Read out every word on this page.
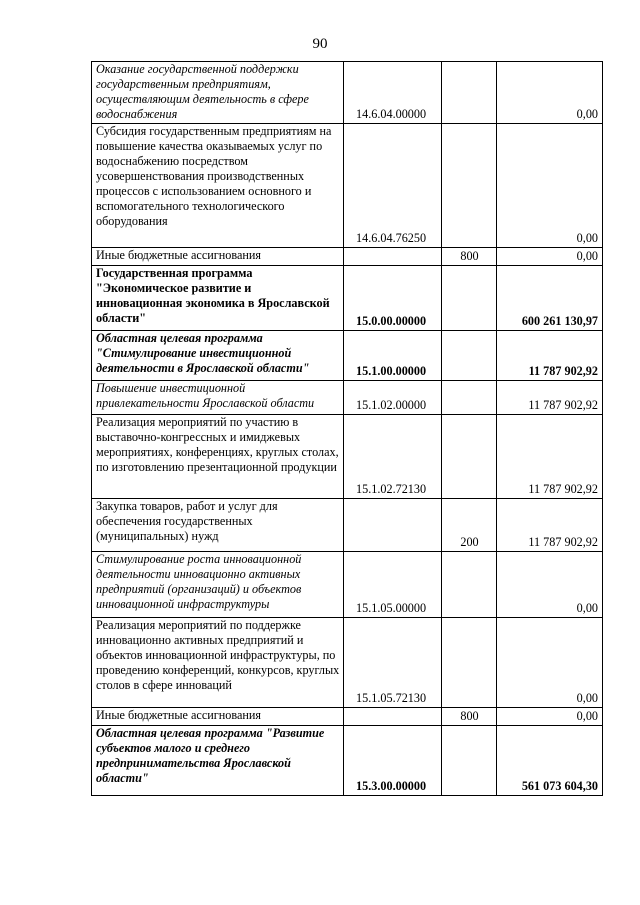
90
Оказание государственной поддержки государственным предприятиям, осуществляющим деятельность в сфере водоснабжения	14.6.04.00000		0,00
Субсидия государственным предприятиям на повышение качества оказываемых услуг по водоснабжению посредством усовершенствования производственных процессов с использованием основного и вспомогательного технологического оборудования	14.6.04.76250		0,00
Иные бюджетные ассигнования		800	0,00
Государственная программа "Экономическое развитие и инновационная экономика в Ярославской области"	15.0.00.00000		600 261 130,97
Областная целевая программа "Стимулирование инвестиционной деятельности в Ярославской области"	15.1.00.00000		11 787 902,92
Повышение инвестиционной привлекательности Ярославской области	15.1.02.00000		11 787 902,92
Реализация мероприятий по участию в выставочно-конгрессных и имиджевых мероприятиях, конференциях, круглых столах, по изготовлению презентационной продукции	15.1.02.72130		11 787 902,92
Закупка товаров, работ и услуг для обеспечения государственных (муниципальных) нужд		200	11 787 902,92
Стимулирование роста инновационной деятельности инновационно активных предприятий (организаций) и объектов инновационной инфраструктуры	15.1.05.00000		0,00
Реализация мероприятий по поддержке инновационно активных предприятий и объектов инновационной инфраструктуры, по проведению конференций, конкурсов, круглых столов в сфере инноваций	15.1.05.72130		0,00
Иные бюджетные ассигнования		800	0,00
Областная целевая программа "Развитие субъектов малого и среднего предпринимательства Ярославской области"	15.3.00.00000		561 073 604,30
